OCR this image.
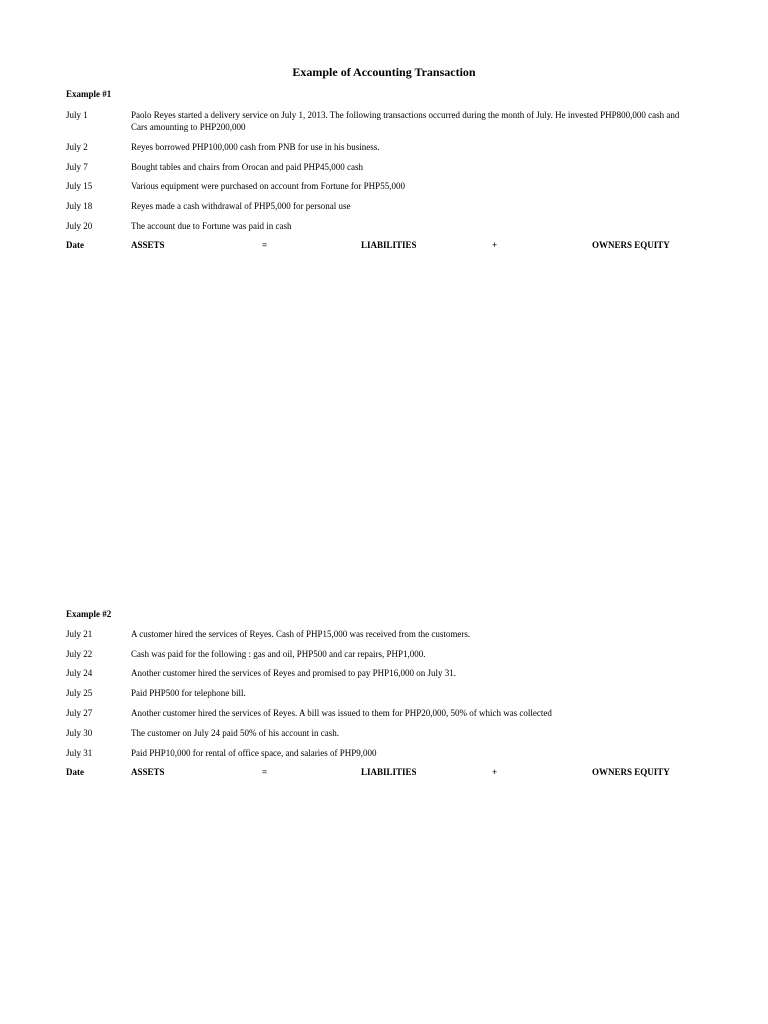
Example of Accounting Transaction
Example #1
July 1	Paolo Reyes started a delivery service on July 1, 2013. The following transactions occurred during the month of July. He invested PHP800,000 cash and Cars amounting to PHP200,000
July 2	Reyes borrowed PHP100,000 cash from PNB for use in his business.
July 7	Bought tables and chairs from Orocan and paid PHP45,000 cash
July 15	Various equipment were purchased on account from Fortune for PHP55,000
July 18	Reyes made a cash withdrawal of PHP5,000 for personal use
July 20	The account due to Fortune was paid in cash
Date	ASSETS	=	LIABILITIES	+	OWNERS EQUITY
Example #2
July 21	A customer hired the services of Reyes. Cash of PHP15,000 was received from the customers.
July 22	Cash was paid for the following : gas and oil, PHP500 and car repairs, PHP1,000.
July 24	Another customer hired the services of Reyes and promised to pay PHP16,000 on July 31.
July 25	Paid PHP500 for telephone bill.
July 27	Another customer hired the services of Reyes. A bill was issued to them for PHP20,000, 50% of which was collected
July 30	The customer on July 24 paid 50% of his account in cash.
July 31	Paid PHP10,000 for rental of office space, and salaries of PHP9,000
Date	ASSETS	=	LIABILITIES	+	OWNERS EQUITY
